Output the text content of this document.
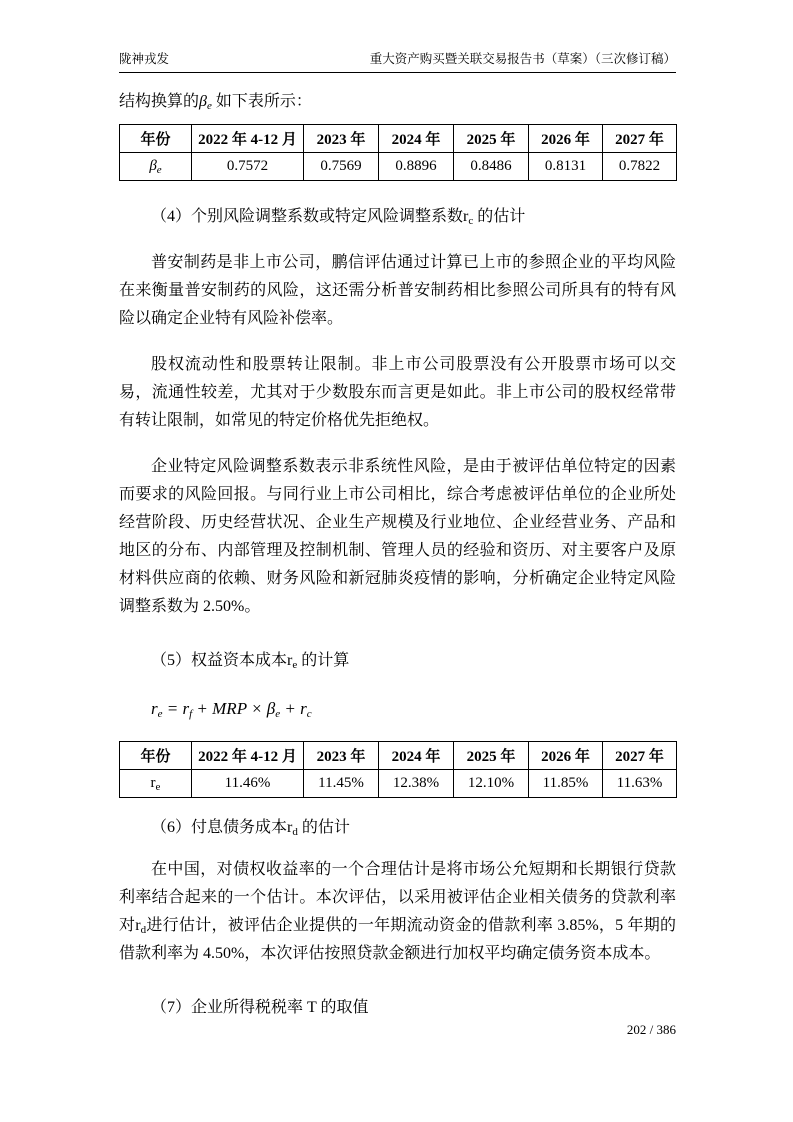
陇神戎发	重大资产购买暨关联交易报告书（草案）（三次修订稿）

结构换算的$\beta_e$ 如下表所示：

年份	2022 年 4-12 月	2023 年	2024 年	2025 年	2026 年	2027 年
$\beta_e$	0.7572	0.7569	0.8896	0.8486	0.8131	0.7822

（4）个别风险调整系数或特定风险调整系数$r_c$ 的估计

普安制药是非上市公司，鹏信评估通过计算已上市的参照企业的平均风险在来衡量普安制药的风险，这还需分析普安制药相比参照公司所具有的特有风险以确定企业特有风险补偿率。

股权流动性和股票转让限制。非上市公司股票没有公开股票市场可以交易，流通性较差，尤其对于少数股东而言更是如此。非上市公司的股权经常带有转让限制，如常见的特定价格优先拒绝权。

企业特定风险调整系数表示非系统性风险，是由于被评估单位特定的因素而要求的风险回报。与同行业上市公司相比，综合考虑被评估单位的企业所处经营阶段、历史经营状况、企业生产规模及行业地位、企业经营业务、产品和地区的分布、内部管理及控制机制、管理人员的经验和资历、对主要客户及原材料供应商的依赖、财务风险和新冠肺炎疫情的影响，分析确定企业特定风险调整系数为 2.50%。

（5）权益资本成本$r_e$ 的计算

$r_e = r_f$ + MRP × $\beta_e + r_c$

年份	2022 年 4-12 月	2023 年	2024 年	2025 年	2026 年	2027 年
$r_e$	11.46%	11.45%	12.38%	12.10%	11.85%	11.63%

（6）付息债务成本$r_d$ 的估计

在中国，对债权收益率的一个合理估计是将市场公允短期和长期银行贷款利率结合起来的一个估计。本次评估，以采用被评估企业相关债务的贷款利率对$r_d$进行估计，被评估企业提供的一年期流动资金的借款利率 3.85%，5 年期的借款利率为 4.50%，本次评估按照贷款金额进行加权平均确定债务资本成本。

（7）企业所得税税率 T 的取值

202 / 386
